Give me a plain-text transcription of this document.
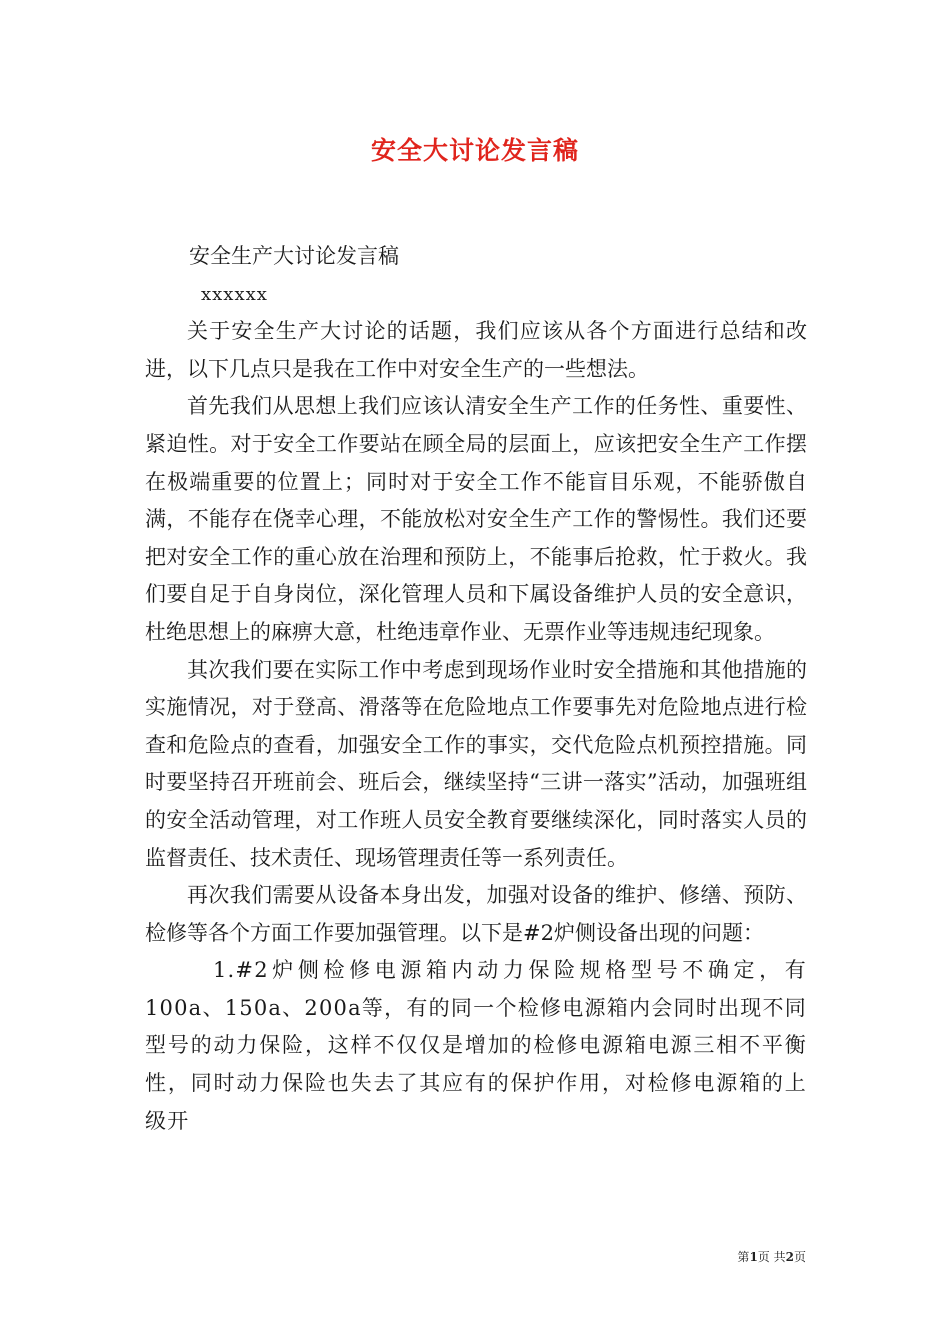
安全大讨论发言稿

安全生产大讨论发言稿

xxxxxx

关于安全生产大讨论的话题，我们应该从各个方面进行总结和改进，以下几点只是我在工作中对安全生产的一些想法。

首先我们从思想上我们应该认清安全生产工作的任务性、重要性、紧迫性。对于安全工作要站在顾全局的层面上，应该把安全生产工作摆在极端重要的位置上；同时对于安全工作不能盲目乐观，不能骄傲自满，不能存在侥幸心理，不能放松对安全生产工作的警惕性。我们还要把对安全工作的重心放在治理和预防上，不能事后抢救，忙于救火。我们要自足于自身岗位，深化管理人员和下属设备维护人员的安全意识，杜绝思想上的麻痹大意，杜绝违章作业、无票作业等违规违纪现象。

其次我们要在实际工作中考虑到现场作业时安全措施和其他措施的实施情况，对于登高、滑落等在危险地点工作要事先对危险地点进行检查和危险点的查看，加强安全工作的事实，交代危险点机预控措施。同时要坚持召开班前会、班后会，继续坚持“三讲一落实”活动，加强班组的安全活动管理，对工作班人员安全教育要继续深化，同时落实人员的监督责任、技术责任、现场管理责任等一系列责任。

再次我们需要从设备本身出发，加强对设备的维护、修缮、预防、检修等各个方面工作要加强管理。以下是#2炉侧设备出现的问题：

1.#2炉侧检修电源箱内动力保险规格型号不确定，有100a、150a、200a等，有的同一个检修电源箱内会同时出现不同型号的动力保险，这样不仅仅是增加的检修电源箱电源三相不平衡性，同时动力保险也失去了其应有的保护作用，对检修电源箱的上级开

第1页 共2页
